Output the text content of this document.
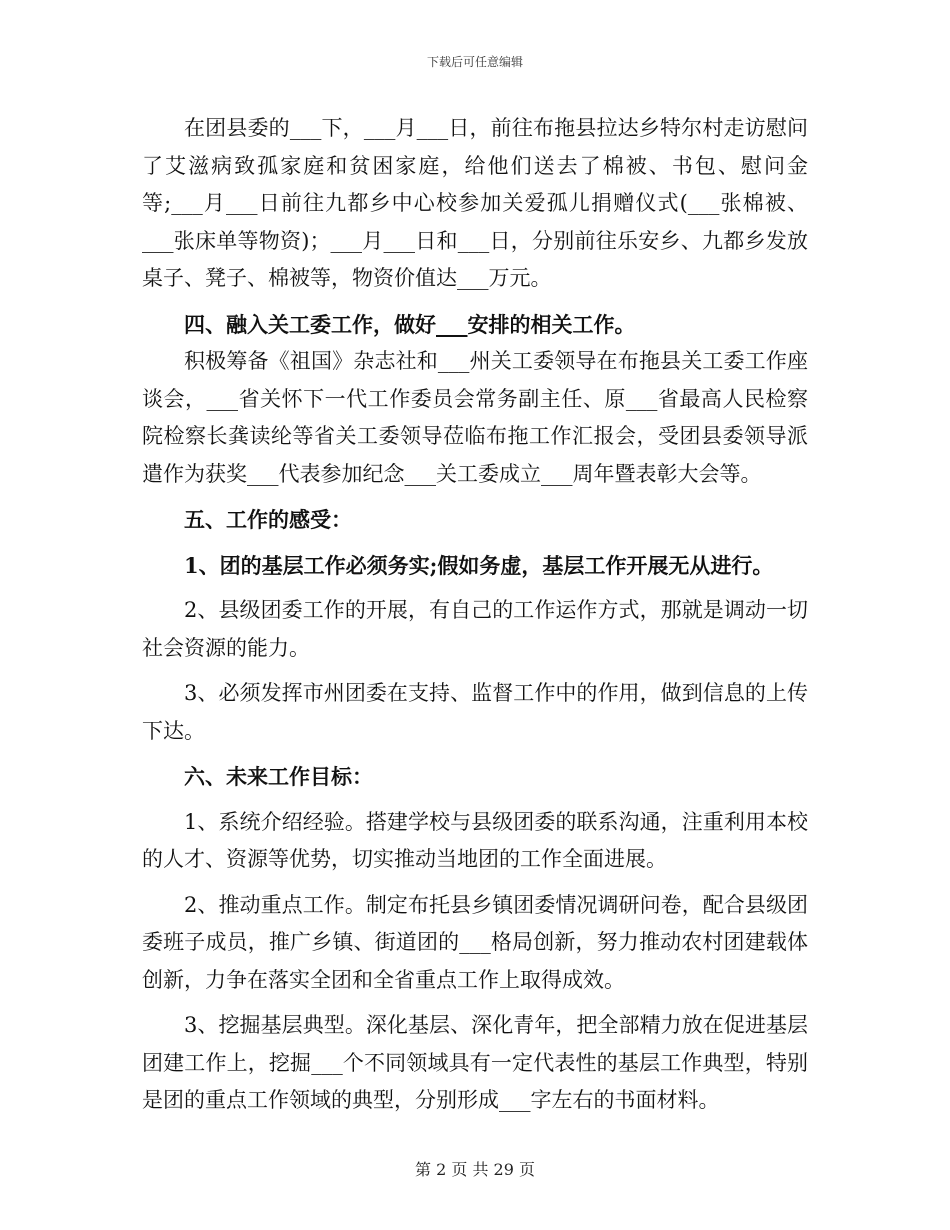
下载后可任意编辑

在团县委的___下，___月___日，前往布拖县拉达乡特尔村走访慰问了艾滋病致孤家庭和贫困家庭，给他们送去了棉被、书包、慰问金等;___月___日前往九都乡中心校参加关爱孤儿捐赠仪式(___张棉被、___张床单等物资)；___月___日和___日，分别前往乐安乡、九都乡发放桌子、凳子、棉被等，物资价值达___万元。

四、融入关工委工作，做好___安排的相关工作。

积极筹备《祖国》杂志社和___州关工委领导在布拖县关工委工作座谈会，___省关怀下一代工作委员会常务副主任、原___省最高人民检察院检察长龚读纶等省关工委领导莅临布拖工作汇报会，受团县委领导派遣作为获奖___代表参加纪念___关工委成立___周年暨表彰大会等。

五、工作的感受：

1、团的基层工作必须务实;假如务虚，基层工作开展无从进行。

2、县级团委工作的开展，有自己的工作运作方式，那就是调动一切社会资源的能力。

3、必须发挥市州团委在支持、监督工作中的作用，做到信息的上传下达。

六、未来工作目标：

1、系统介绍经验。搭建学校与县级团委的联系沟通，注重利用本校的人才、资源等优势，切实推动当地团的工作全面进展。

2、推动重点工作。制定布托县乡镇团委情况调研问卷，配合县级团委班子成员，推广乡镇、街道团的___格局创新，努力推动农村团建载体创新，力争在落实全团和全省重点工作上取得成效。

3、挖掘基层典型。深化基层、深化青年，把全部精力放在促进基层团建工作上，挖掘___个不同领域具有一定代表性的基层工作典型，特别是团的重点工作领域的典型，分别形成___字左右的书面材料。

第 2 页 共 29 页
